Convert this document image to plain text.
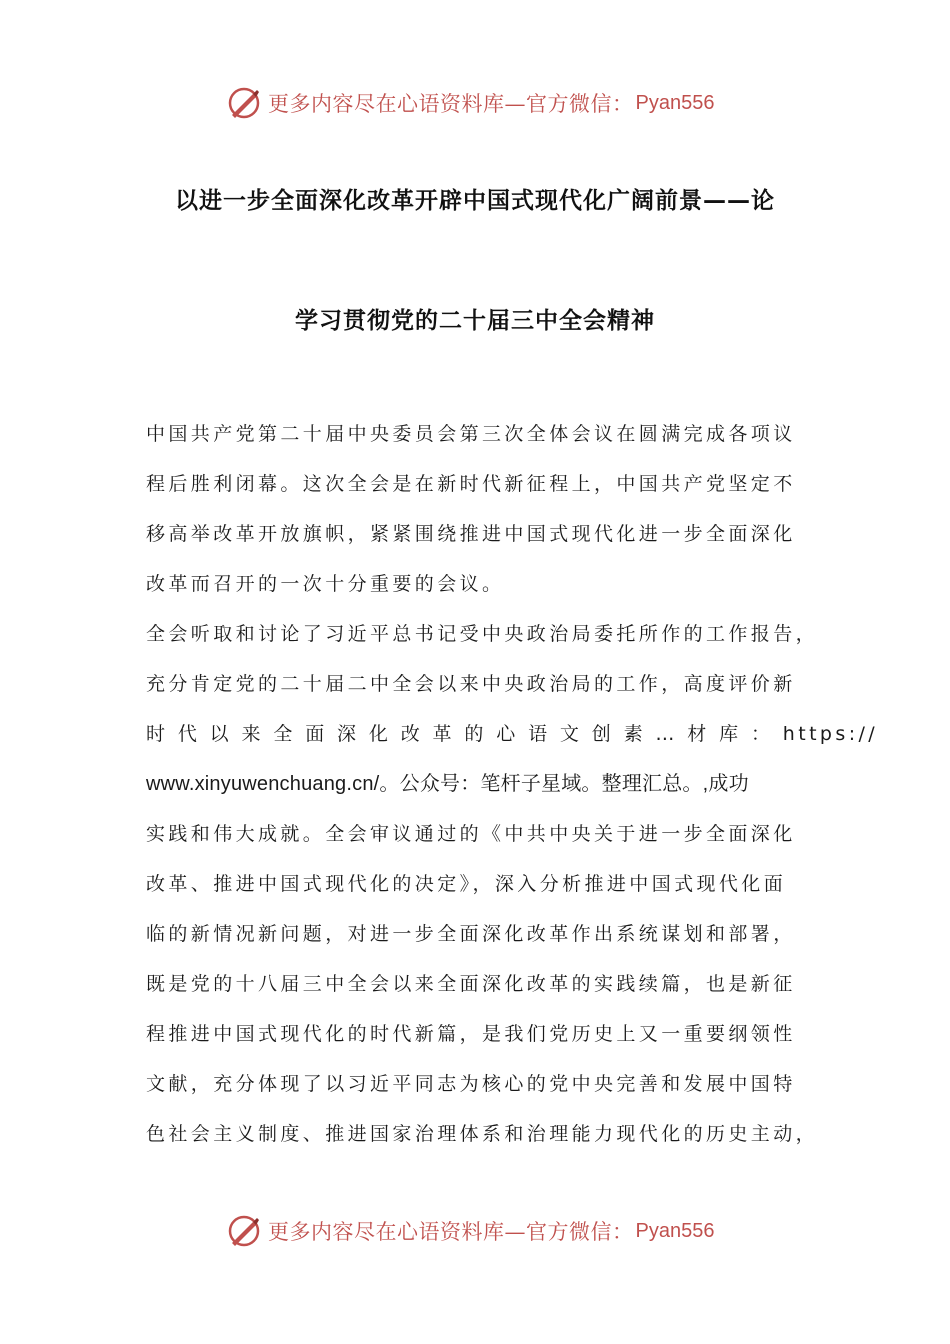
更多内容尽在心语资料库—官方微信： Pyan556
以进一步全面深化改革开辟中国式现代化广阔前景——论
学习贯彻党的二十届三中全会精神
中国共产党第二十届中央委员会第三次全体会议在圆满完成各项议
程后胜利闭幕。这次全会是在新时代新征程上，中国共产党坚定不
移高举改革开放旗帜，紧紧围绕推进中国式现代化进一步全面深化
改革而召开的一次十分重要的会议。
全会听取和讨论了习近平总书记受中央政治局委托所作的工作报告，
充分肯定党的二十届二中全会以来中央政治局的工作，高度评价新
时 代 以 来 全 面 深 化 改 革 的 心 语 文 创 素 … 材 库 ： https://
www.xinyuwenchuang.cn/。公众号：笔杆子星域。整理汇总。,成功
实践和伟大成就。全会审议通过的《中共中央关于进一步全面深化
改革、推进中国式现代化的决定》，深入分析推进中国式现代化面
临的新情况新问题，对进一步全面深化改革作出系统谋划和部署，
既是党的十八届三中全会以来全面深化改革的实践续篇，也是新征
程推进中国式现代化的时代新篇，是我们党历史上又一重要纲领性
文献，充分体现了以习近平同志为核心的党中央完善和发展中国特
色社会主义制度、推进国家治理体系和治理能力现代化的历史主动，
更多内容尽在心语资料库—官方微信： Pyan556
